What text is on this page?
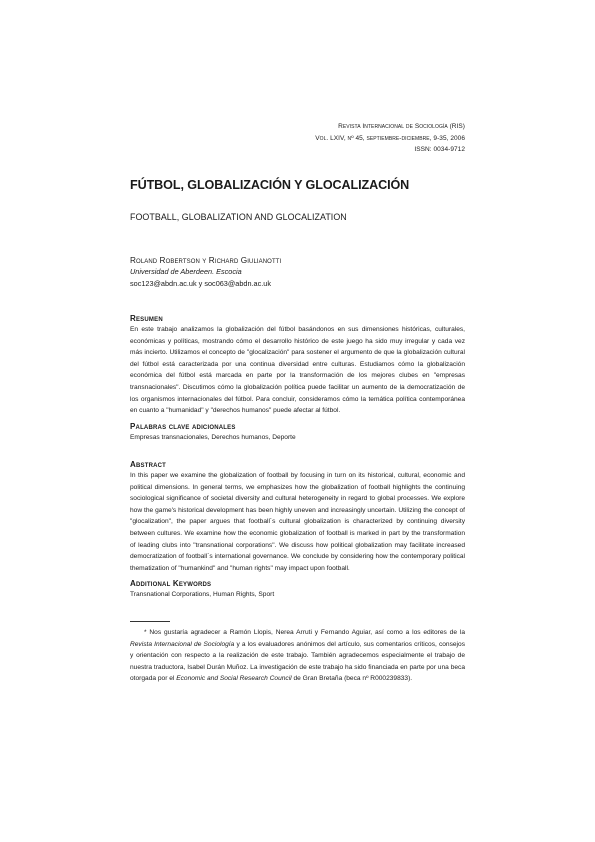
Revista Internacional de Sociología (RIS)
Vol. LXIV, nº 45, septiembre-diciembre, 9-35, 2006
ISSN: 0034-9712
FÚTBOL, GLOBALIZACIÓN Y GLOCALIZACIÓN
FOOTBALL, GLOBALIZATION AND GLOCALIZATION
Roland Robertson y Richard Giulianotti
Universidad de Aberdeen. Escocia
soc123@abdn.ac.uk y soc063@abdn.ac.uk
Resumen

En este trabajo analizamos la globalización del fútbol basándonos en sus dimensiones históricas, culturales, económicas y políticas, mostrando cómo el desarrollo histórico de este juego ha sido muy irregular y cada vez más incierto. Utilizamos el concepto de "glocalización" para sostener el argumento de que la globalización cultural del fútbol está caracterizada por una continua diversidad entre culturas. Estudiamos cómo la globalización económica del fútbol está marcada en parte por la transformación de los mejores clubes en "empresas transnacionales". Discutimos cómo la globalización política puede facilitar un aumento de la democratización de los organismos internacionales del fútbol. Para concluir, consideramos cómo la temática política contemporánea en cuanto a "humanidad" y "derechos humanos" puede afectar al fútbol.

Palabras clave adicionales

Empresas transnacionales, Derechos humanos, Deporte

Abstract

In this paper we examine the globalization of football by focusing in turn on its historical, cultural, economic and political dimensions. In general terms, we emphasizes how the globalization of football highlights the continuing sociological significance of societal diversity and cultural heterogeneity in regard to global processes. We explore how the game's historical development has been highly uneven and increasingly uncertain. Utilizing the concept of "glocalization", the paper argues that football´s cultural globalization is characterized by continuing diversity between cultures. We examine how the economic globalization of football is marked in part by the transformation of leading clubs into "transnational corporations". We discuss how political globalization may facilitate increased democratization of football´s international governance. We conclude by considering how the contemporary political thematization of "humankind" and "human rights" may impact upon football.

Additional Keywords

Transnational Corporations, Human Rights, Sport

* Nos gustaría agradecer a Ramón Llopis, Nerea Arruti y Fernando Aguiar, así como a los editores de la Revista Internacional de Sociología y a los evaluadores anónimos del artículo, sus comentarios críticos, consejos y orientación con respecto a la realización de este trabajo. También agradecemos especialmente el trabajo de nuestra traductora, Isabel Durán Muñoz. La investigación de este trabajo ha sido financiada en parte por una beca otorgada por el Economic and Social Research Council de Gran Bretaña (beca nº R000239833).
